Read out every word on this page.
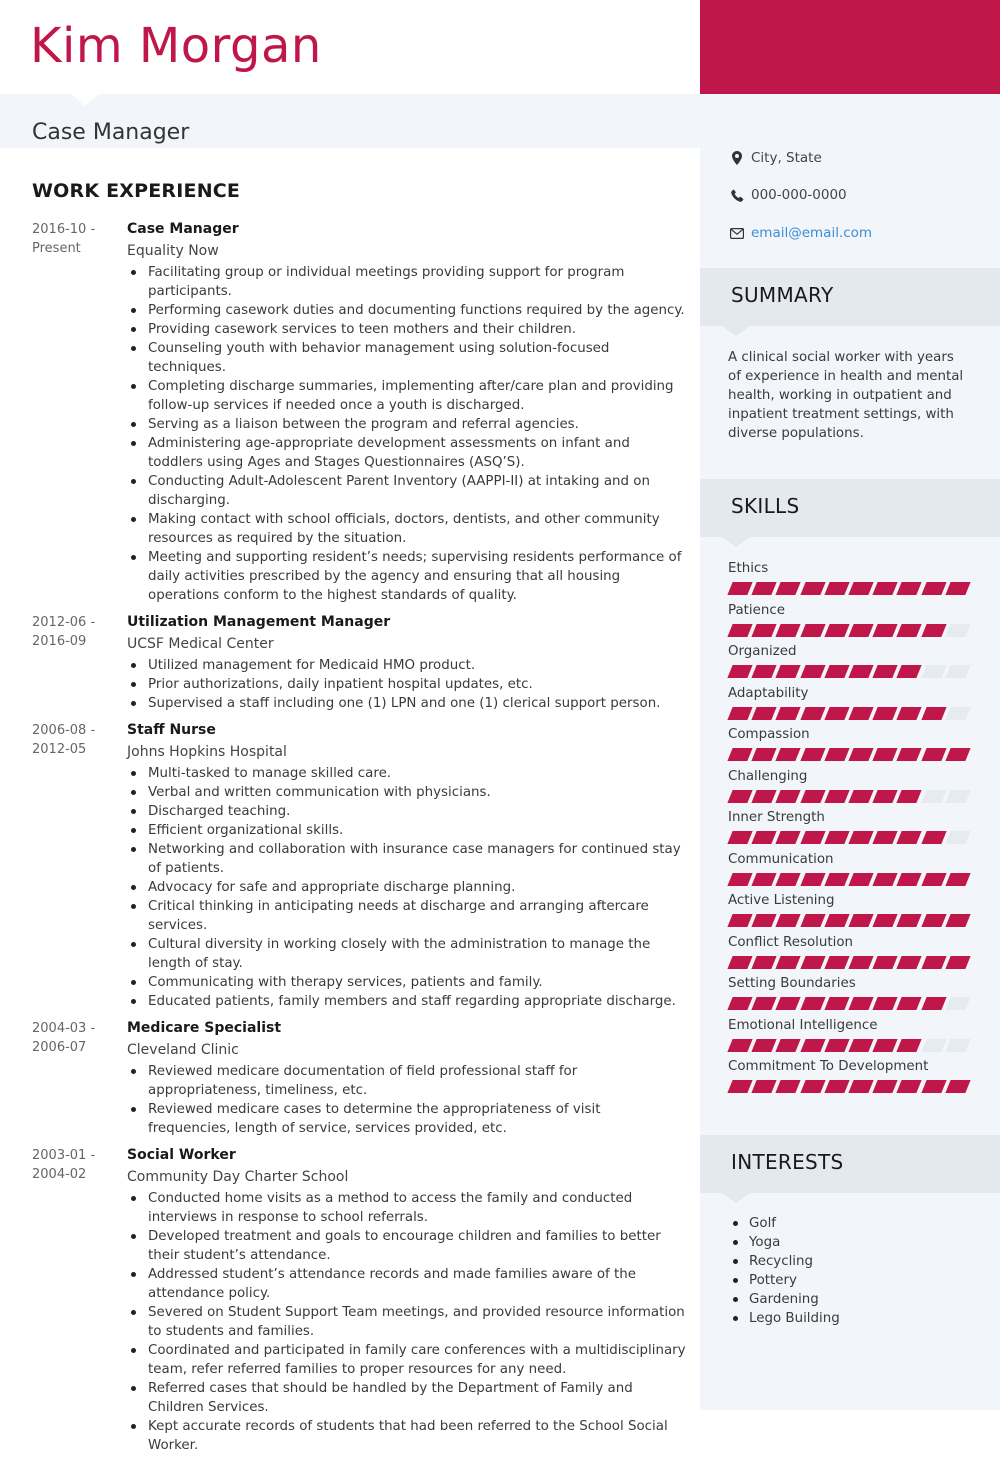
Kim Morgan
Case Manager
WORK EXPERIENCE
2016-10 -
Present
Case Manager
Equality Now
Facilitating group or individual meetings providing support for program participants.
Performing casework duties and documenting functions required by the agency.
Providing casework services to teen mothers and their children.
Counseling youth with behavior management using solution-focused techniques.
Completing discharge summaries, implementing after/care plan and providing follow-up services if needed once a youth is discharged.
Serving as a liaison between the program and referral agencies.
Administering age-appropriate development assessments on infant and toddlers using Ages and Stages Questionnaires (ASQ’S).
Conducting Adult-Adolescent Parent Inventory (AAPPI-II) at intaking and on discharging.
Making contact with school officials, doctors, dentists, and other community resources as required by the situation.
Meeting and supporting resident’s needs; supervising residents performance of daily activities prescribed by the agency and ensuring that all housing operations conform to the highest standards of quality.
2012-06 -
2016-09
Utilization Management Manager
UCSF Medical Center
Utilized management for Medicaid HMO product.
Prior authorizations, daily inpatient hospital updates, etc.
Supervised a staff including one (1) LPN and one (1) clerical support person.
2006-08 -
2012-05
Staff Nurse
Johns Hopkins Hospital
Multi-tasked to manage skilled care.
Verbal and written communication with physicians.
Discharged teaching.
Efficient organizational skills.
Networking and collaboration with insurance case managers for continued stay of patients.
Advocacy for safe and appropriate discharge planning.
Critical thinking in anticipating needs at discharge and arranging aftercare services.
Cultural diversity in working closely with the administration to manage the length of stay.
Communicating with therapy services, patients and family.
Educated patients, family members and staff regarding appropriate discharge.
2004-03 -
2006-07
Medicare Specialist
Cleveland Clinic
Reviewed medicare documentation of field professional staff for appropriateness, timeliness, etc.
Reviewed medicare cases to determine the appropriateness of visit frequencies, length of service, services provided, etc.
2003-01 -
2004-02
Social Worker
Community Day Charter School
Conducted home visits as a method to access the family and conducted interviews in response to school referrals.
Developed treatment and goals to encourage children and families to better their student’s attendance.
Addressed student’s attendance records and made families aware of the attendance policy.
Severed on Student Support Team meetings, and provided resource information to students and families.
Coordinated and participated in family care conferences with a multidisciplinary team, refer referred families to proper resources for any need.
Referred cases that should be handled by the Department of Family and Children Services.
Kept accurate records of students that had been referred to the School Social Worker.
City, State
000-000-0000
email@email.com
SUMMARY
A clinical social worker with years of experience in health and mental health, working in outpatient and inpatient treatment settings, with diverse populations.
SKILLS
Ethics
Patience
Organized
Adaptability
Compassion
Challenging
Inner Strength
Communication
Active Listening
Conflict Resolution
Setting Boundaries
Emotional Intelligence
Commitment To Development
INTERESTS
Golf
Yoga
Recycling
Pottery
Gardening
Lego Building
